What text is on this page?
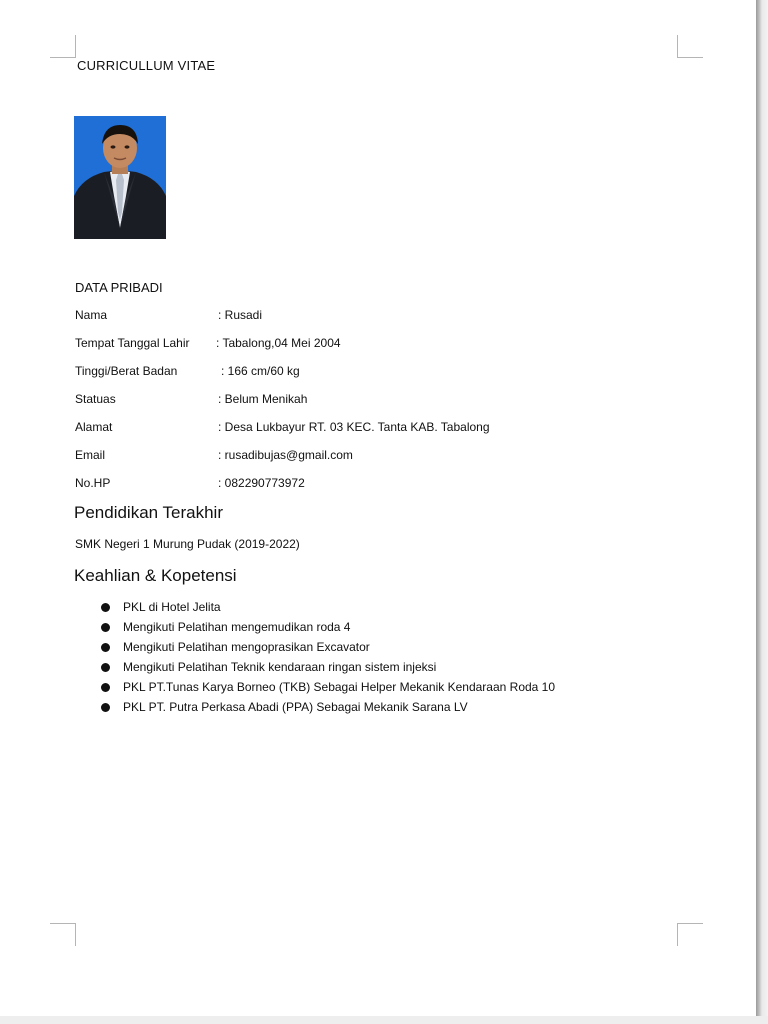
CURRICULLUM VITAE
DATA PRIBADI
Nama	: Rusadi
Tempat Tanggal Lahir : Tabalong,04 Mei 2004
Tinggi/Berat Badan	: 166 cm/60 kg
Statuas	: Belum Menikah
Alamat	: Desa Lukbayur RT. 03 KEC. Tanta KAB. Tabalong
Email	: rusadibujas@gmail.com
No.HP	: 082290773972
Pendidikan Terakhir
SMK Negeri 1 Murung Pudak (2019-2022)
Keahlian & Kopetensi
PKL di Hotel Jelita
Mengikuti Pelatihan mengemudikan roda 4
Mengikuti Pelatihan mengoprasikan Excavator
Mengikuti Pelatihan Teknik kendaraan ringan sistem injeksi
PKL PT.Tunas Karya Borneo (TKB) Sebagai Helper Mekanik Kendaraan Roda 10
PKL PT. Putra Perkasa Abadi (PPA) Sebagai Mekanik Sarana LV
